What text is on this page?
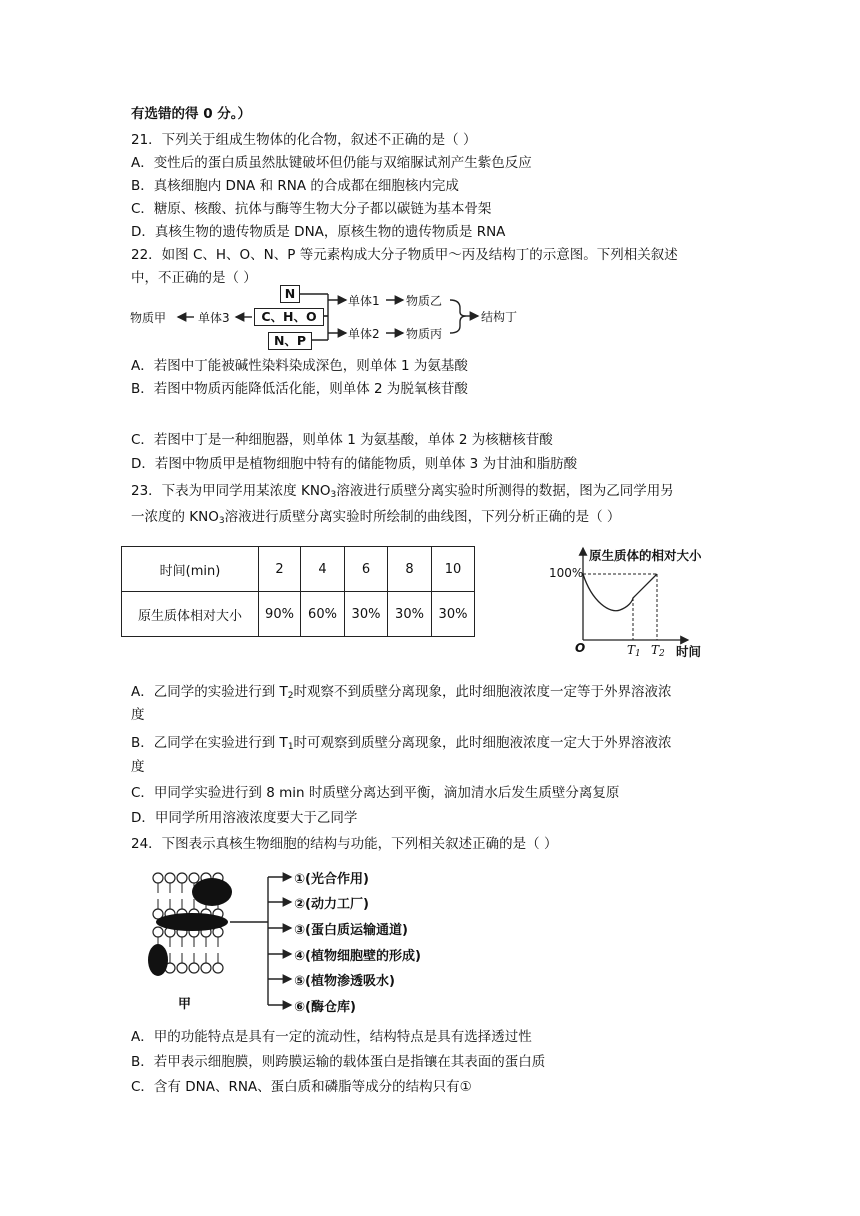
有选错的得 0 分。）
21．下列关于组成生物体的化合物，叙述不正确的是（ ）
A．变性后的蛋白质虽然肽键破坏但仍能与双缩脲试剂产生紫色反应
B．真核细胞内 DNA 和 RNA 的合成都在细胞核内完成
C．糖原、核酸、抗体与酶等生物大分子都以碳链为基本骨架
D．真核生物的遗传物质是 DNA，原核生物的遗传物质是 RNA
22．如图 C、H、O、N、P 等元素构成大分子物质甲～丙及结构丁的示意图。下列相关叙述
中，不正确的是（ ）
N
C、H、O
N、P
单体1
单体2
单体3
物质甲
物质乙
物质丙
结构丁
A．若图中丁能被碱性染料染成深色，则单体 1 为氨基酸
B．若图中物质丙能降低活化能，则单体 2 为脱氧核苷酸
C．若图中丁是一种细胞器，则单体 1 为氨基酸，单体 2 为核糖核苷酸
D．若图中物质甲是植物细胞中特有的储能物质，则单体 3 为甘油和脂肪酸
23．下表为甲同学用某浓度 $KNO_3$溶液进行质壁分离实验时所测得的数据，图为乙同学用另
一浓度的 $KNO_3$溶液进行质壁分离实验时所绘制的曲线图，下列分析正确的是（ ）
时间(min)	2	4	6	8	10
原生质体相对大小	90%	60%	30%	30%	30%
原生质体的相对大小
100%
O	$T_1$ $T_2$ 时间
A．乙同学的实验进行到 $T_2$时观察不到质壁分离现象，此时细胞液浓度一定等于外界溶液浓
度
B．乙同学在实验进行到 $T_1$时可观察到质壁分离现象，此时细胞液浓度一定大于外界溶液浓
度
C．甲同学实验进行到 8 min 时质壁分离达到平衡，滴加清水后发生质壁分离复原
D．甲同学所用溶液浓度要大于乙同学
24．下图表示真核生物细胞的结构与功能，下列相关叙述正确的是（ ）
甲
①(光合作用)
②(动力工厂)
③(蛋白质运输通道)
④(植物细胞壁的形成)
⑤(植物渗透吸水)
⑥(酶仓库)
A．甲的功能特点是具有一定的流动性，结构特点是具有选择透过性
B．若甲表示细胞膜，则跨膜运输的载体蛋白是指镶在其表面的蛋白质
C．含有 DNA、RNA、蛋白质和磷脂等成分的结构只有①
